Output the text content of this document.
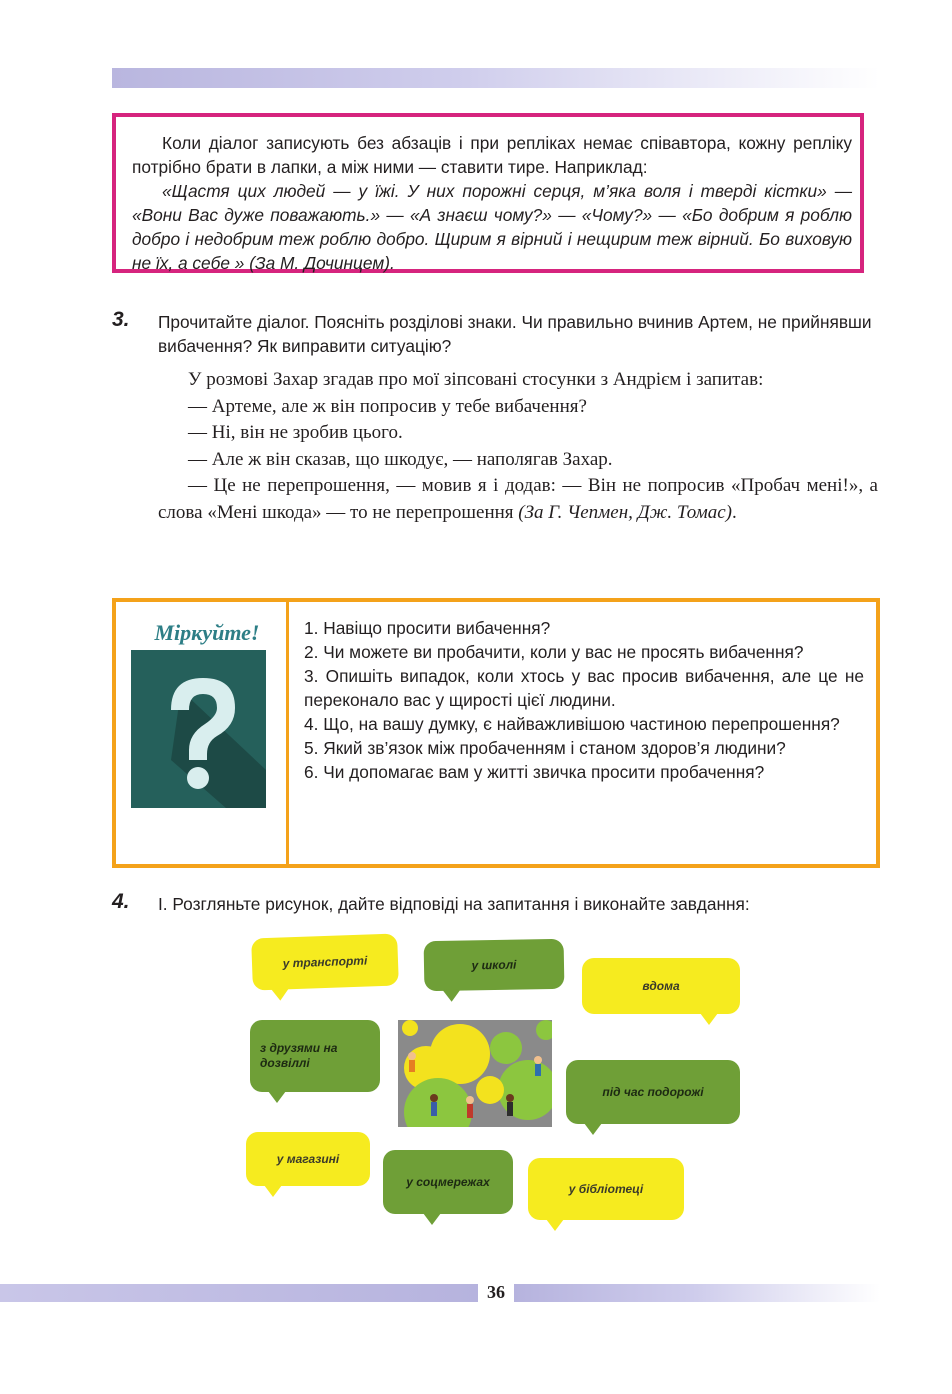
Коли діалог записують без абзаців і при репліках немає співавтора, кожну репліку потрібно брати в лапки, а між ними — ставити тире. Наприклад:

«Щастя цих людей — у їжі. У них порожні серця, м’яка воля і тверді кістки» — «Вони Вас дуже поважають.» — «А знаєш чому?» — «Чому?» — «Бо добрим я роблю добро і недобрим теж роблю добро. Щирим я вірний і нещирим теж вірний. Бо виховую не їх, а себе » (За М. Дочинцем).

3. Прочитайте діалог. Поясніть розділові знаки. Чи правильно вчинив Артем, не прийнявши вибачення? Як виправити ситуацію?

У розмові Захар згадав про мої зіпсовані стосунки з Андрієм і запитав:

— Артеме, але ж він попросив у тебе вибачення?

— Ні, він не зробив цього.

— Але ж він сказав, що шкодує, — наполягав Захар.

— Це не перепрошення, — мовив я і додав: — Він не попросив «Пробач мені!», а слова «Мені шкода» — то не перепрошення (За Г. Чепмен, Дж. Томас).

Міркуйте!	1. Навіщо просити вибачення?

2. Чи можете ви пробачити, коли у вас не просять вибачення?

3. Опишіть випадок, коли хтось у вас просив вибачення, але це не переконало вас у щирості цієї людини.

4. Що, на вашу думку, є найважливішою частиною перепрошення?

5. Який зв’язок між пробаченням і станом здоров’я людини?

6. Чи допомагає вам у житті звичка просити пробачення?

4. І. Розгляньте рисунок, дайте відповіді на запитання і виконайте завдання:
у транспорті	у школі
вдома
з друзями на дозвіллі
під час подорожі
у магазині
у соцмережах	у бібліотеці
36
